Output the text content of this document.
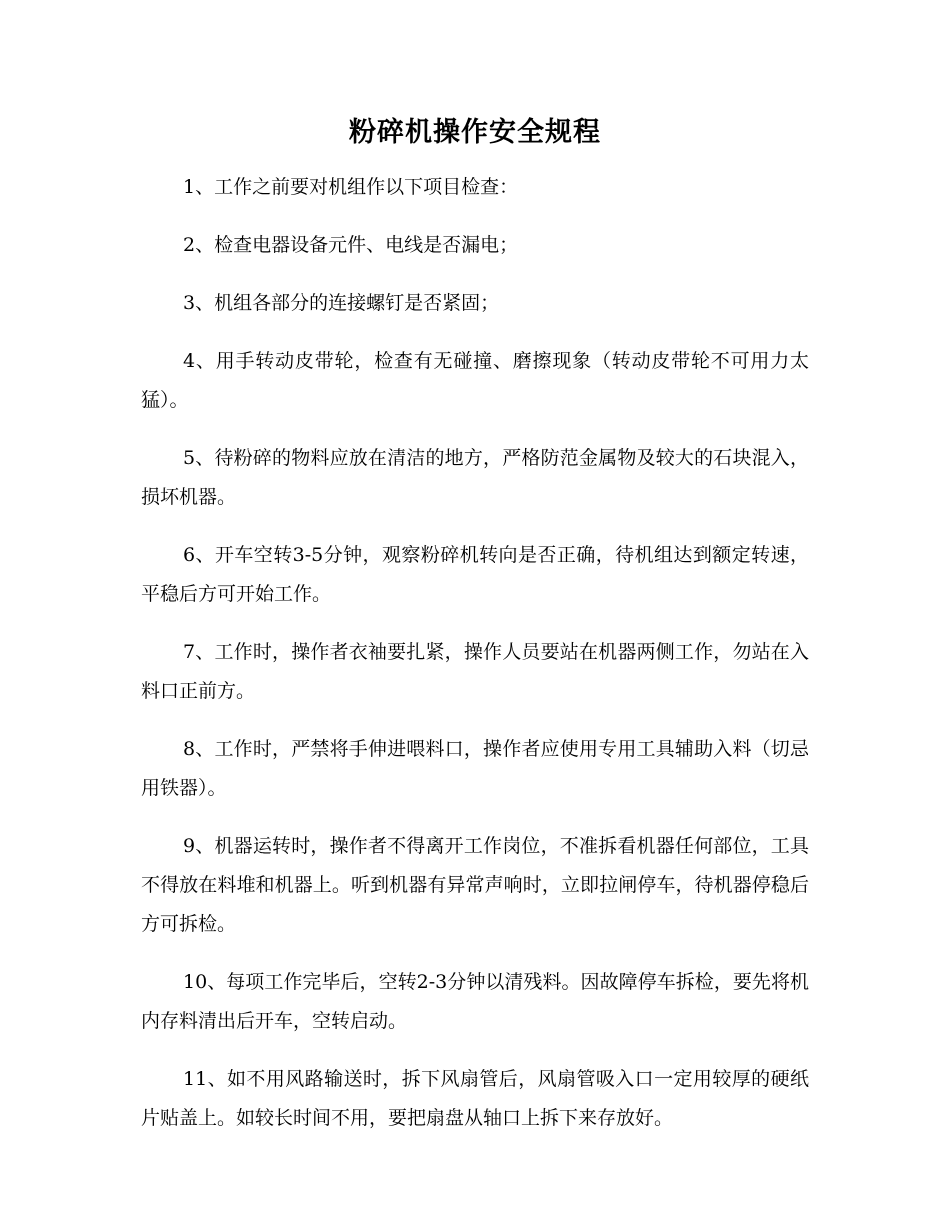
粉碎机操作安全规程

1、工作之前要对机组作以下项目检查：

2、检查电器设备元件、电线是否漏电；

3、机组各部分的连接螺钉是否紧固；

4、用手转动皮带轮，检查有无碰撞、磨擦现象（转动皮带轮不可用力太猛）。

5、待粉碎的物料应放在清洁的地方，严格防范金属物及较大的石块混入，损坏机器。

6、开车空转3-5分钟，观察粉碎机转向是否正确，待机组达到额定转速，平稳后方可开始工作。

7、工作时，操作者衣袖要扎紧，操作人员要站在机器两侧工作，勿站在入料口正前方。

8、工作时，严禁将手伸进喂料口，操作者应使用专用工具辅助入料（切忌用铁器）。

9、机器运转时，操作者不得离开工作岗位，不准拆看机器任何部位，工具不得放在料堆和机器上。听到机器有异常声响时，立即拉闸停车，待机器停稳后方可拆检。

10、每项工作完毕后，空转2-3分钟以清残料。因故障停车拆检，要先将机内存料清出后开车，空转启动。

11、如不用风路输送时，拆下风扇管后，风扇管吸入口一定用较厚的硬纸片贴盖上。如较长时间不用，要把扇盘从轴口上拆下来存放好。
